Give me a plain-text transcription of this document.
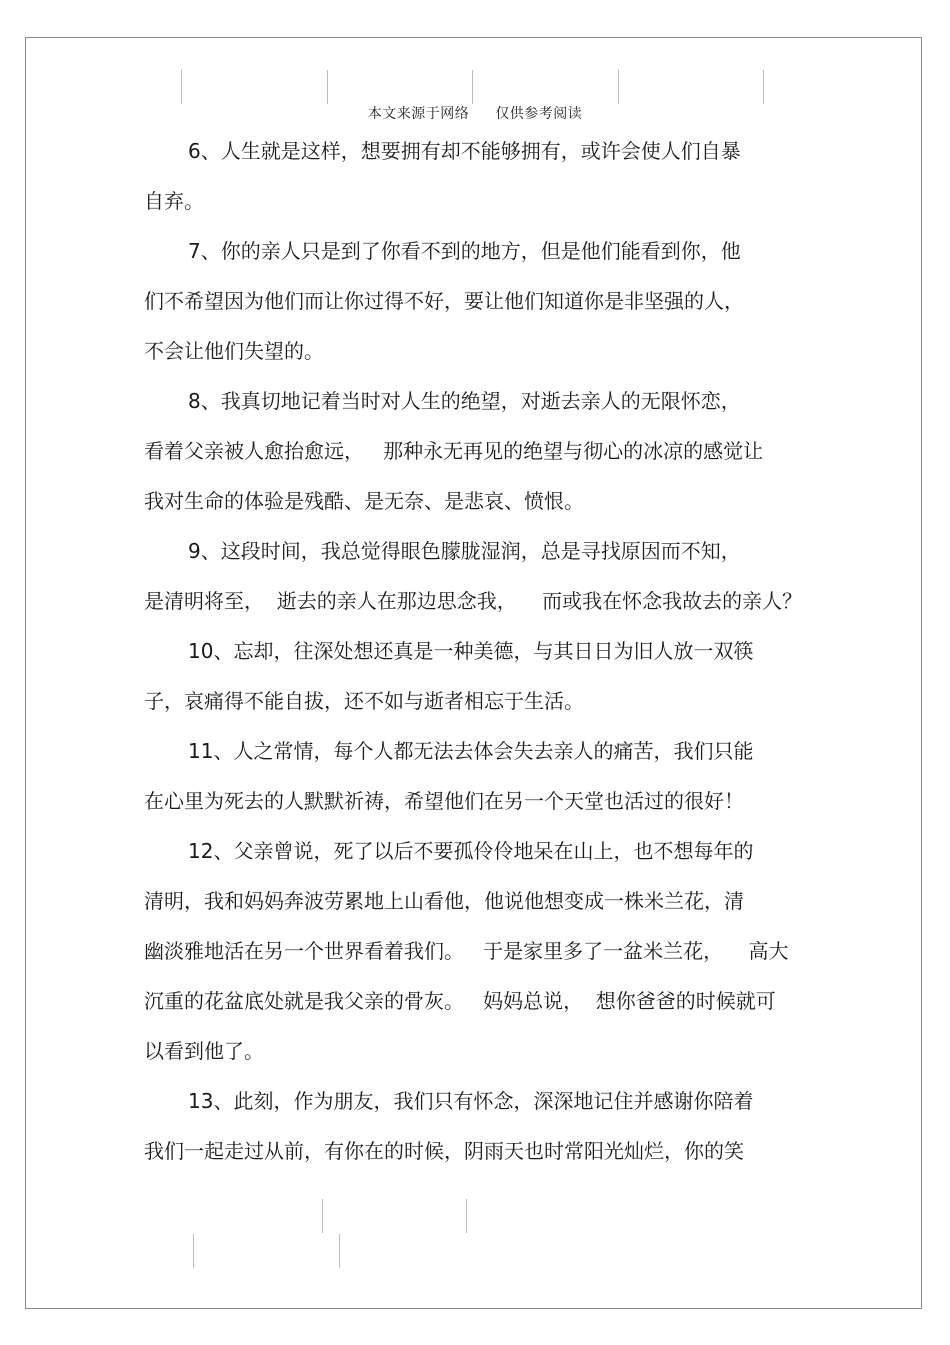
本文来源于网络 仅供参考阅读
6、人生就是这样，想要拥有却不能够拥有，或许会使人们自暴
自弃。
7、你的亲人只是到了你看不到的地方，但是他们能看到你，他
们不希望因为他们而让你过得不好，要让他们知道你是非坚强的人，
不会让他们失望的。
8、我真切地记着当时对人生的绝望，对逝去亲人的无限怀恋，
看着父亲被人愈抬愈远，   那种永无再见的绝望与彻心的冰凉的感觉让
我对生命的体验是残酷、是无奈、是悲哀、愤恨。
9、这段时间，我总觉得眼色朦胧湿润，总是寻找原因而不知，
是清明将至，  逝去的亲人在那边思念我，    而或我在怀念我故去的亲人？
10、忘却，往深处想还真是一种美德，与其日日为旧人放一双筷
子，哀痛得不能自拔，还不如与逝者相忘于生活。
11、人之常情，每个人都无法去体会失去亲人的痛苦，我们只能
在心里为死去的人默默祈祷，希望他们在另一个天堂也活过的很好！
12、父亲曾说，死了以后不要孤伶伶地呆在山上，也不想每年的
清明，我和妈妈奔波劳累地上山看他，他说他想变成一株米兰花，清
幽淡雅地活在另一个世界看着我们。   于是家里多了一盆米兰花，    高大
沉重的花盆底处就是我父亲的骨灰。   妈妈总说，  想你爸爸的时候就可
以看到他了。
13、此刻，作为朋友，我们只有怀念，深深地记住并感谢你陪着
我们一起走过从前，有你在的时候，阴雨天也时常阳光灿烂，你的笑
